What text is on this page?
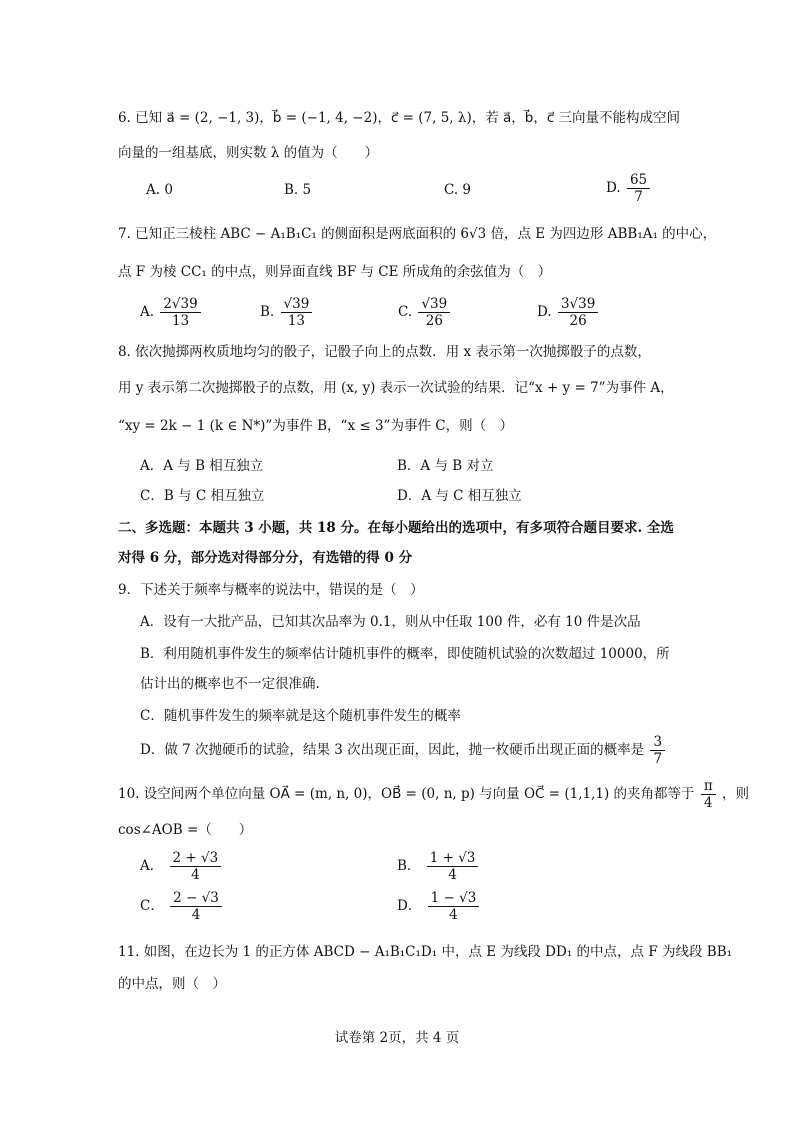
6. 已知 a⃗ = (2, −1, 3)，b⃗ = (−1, 4, −2)，c⃗ = (7, 5, λ)，若 a⃗，b⃗，c⃗ 三向量不能构成空间
向量的一组基底，则实数 λ 的值为（　　）
A. 0	B. 5	C. 9	D. $\frac{65}{7}$
7. 已知正三棱柱 ABC − A₁B₁C₁ 的侧面积是两底面积的 6√3 倍，点 E 为四边形 ABB₁A₁ 的中心，
点 F 为棱 CC₁ 的中点，则异面直线 BF 与 CE 所成角的余弦值为（　）
A. $\frac{2√39}{13}$	B. $\frac{√39}{13}$	C. $\frac{√39}{26}$	D. $\frac{3√39}{26}$
8. 依次抛掷两枚质地均匀的骰子，记骰子向上的点数．用 x 表示第一次抛掷骰子的点数，
用 y 表示第二次抛掷骰子的点数，用 (x, y) 表示一次试验的结果．记“x + y = 7”为事件 A，
“xy = 2k − 1 (k ∈ N*)”为事件 B，“x ≤ 3”为事件 C，则（　）
A．A 与 B 相互独立	B．A 与 B 对立
C．B 与 C 相互独立	D．A 与 C 相互独立
二、多选题：本题共 3 小题，共 18 分。在每小题给出的选项中，有多项符合题目要求. 全选
对得 6 分，部分选对得部分分，有选错的得 0 分
9．下述关于频率与概率的说法中，错误的是（　）
A．设有一大批产品，已知其次品率为 0.1，则从中任取 100 件，必有 10 件是次品
B．利用随机事件发生的频率估计随机事件的概率，即使随机试验的次数超过 10000，所
估计出的概率也不一定很准确.
C．随机事件发生的频率就是这个随机事件发生的概率
D．做 7 次抛硬币的试验，结果 3 次出现正面，因此，抛一枚硬币出现正面的概率是 $\frac{3}{7}$
10. 设空间两个单位向量 OA⃗ = (m, n, 0)，OB⃗ = (0, n, p) 与向量 OC⃗ = (1,1,1) 的夹角都等于 $\frac{\pi}{4}$ ，则
cos∠AOB =（　　）
A． $\frac{2 + √3}{4}$	B． $\frac{1 + √3}{4}$
C． $\frac{2 - √3}{4}$	D． $\frac{1 - √3}{4}$
11. 如图，在边长为 1 的正方体 ABCD − A₁B₁C₁D₁ 中，点 E 为线段 DD₁ 的中点，点 F 为线段 BB₁
的中点，则（　）
试卷第 2页，共 4 页
